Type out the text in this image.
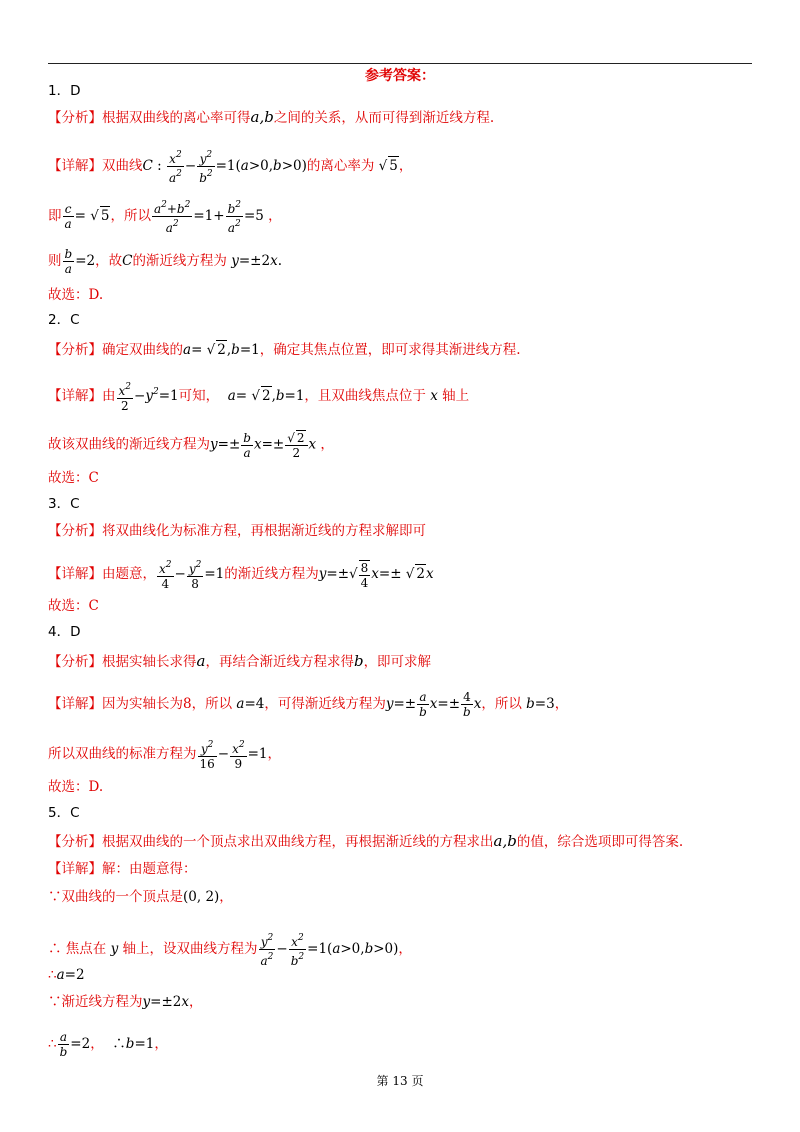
参考答案：
1．D
【分析】根据双曲线的离心率可得a,b之间的关系，从而可得到渐近线方程.
【详解】双曲线C : $\frac{x^2}{a^2} - \frac{y^2}{b^2} =1(a>0,b>0)$的离心率为 √ 5，
即 $\frac{c}{a}$ = √ 5，所以 $\frac{a^2+b^2}{a^2} =1+ \frac{b^2}{a^2} =5$ ，
则 $\frac{b}{a} =2$，故C的渐近线方程为 y=±2x.
故选：D.
2．C
【分析】确定双曲线的a= √ 2,b=1，确定其焦点位置，即可求得其渐进线方程.
【详解】由 $\frac{x^2}{2} -y^2=1$可知，  a= √ 2,b=1，且双曲线焦点位于 x 轴上
故该双曲线的渐近线方程为$y=\pm \frac{b}{a} x=\pm \frac{√ 2}{2}$ x ，
故选：C
3．C
【分析】将双曲线化为标准方程，再根据渐近线的方程求解即可
【详解】由题意， $\frac{x^2}{4} - \frac{y^2}{8} =1$的渐近线方程为$y=\pm√ \frac{8}{4} x=\pm$ √ 2x
故选：C
4．D
【分析】根据实轴长求得a，再结合渐近线方程求得b，即可求解
【详解】因为实轴长为8，所以 a=4，可得渐近线方程为$y=\pm \frac{a}{b} x=\pm \frac{4}{b}$ x，所以 b=3，
所以双曲线的标准方程为 $\frac{y^2}{16} - \frac{x^2}{9} =1$，
故选：D.
5．C
【分析】根据双曲线的一个顶点求出双曲线方程，再根据渐近线的方程求出a,b的值，综合选项即可得答案.
【详解】解：由题意得：
∵双曲线的一个顶点是(0, 2)，
∴ 焦点在 y 轴上，设双曲线方程为 $\frac{y^2}{a^2} - \frac{x^2}{b^2} =1(a>0,b>0)$，
∴a=2
∵渐近线方程为y=±2x，
∴ $\frac{a}{b} =2$，  ∴b=1，
第 13 页
